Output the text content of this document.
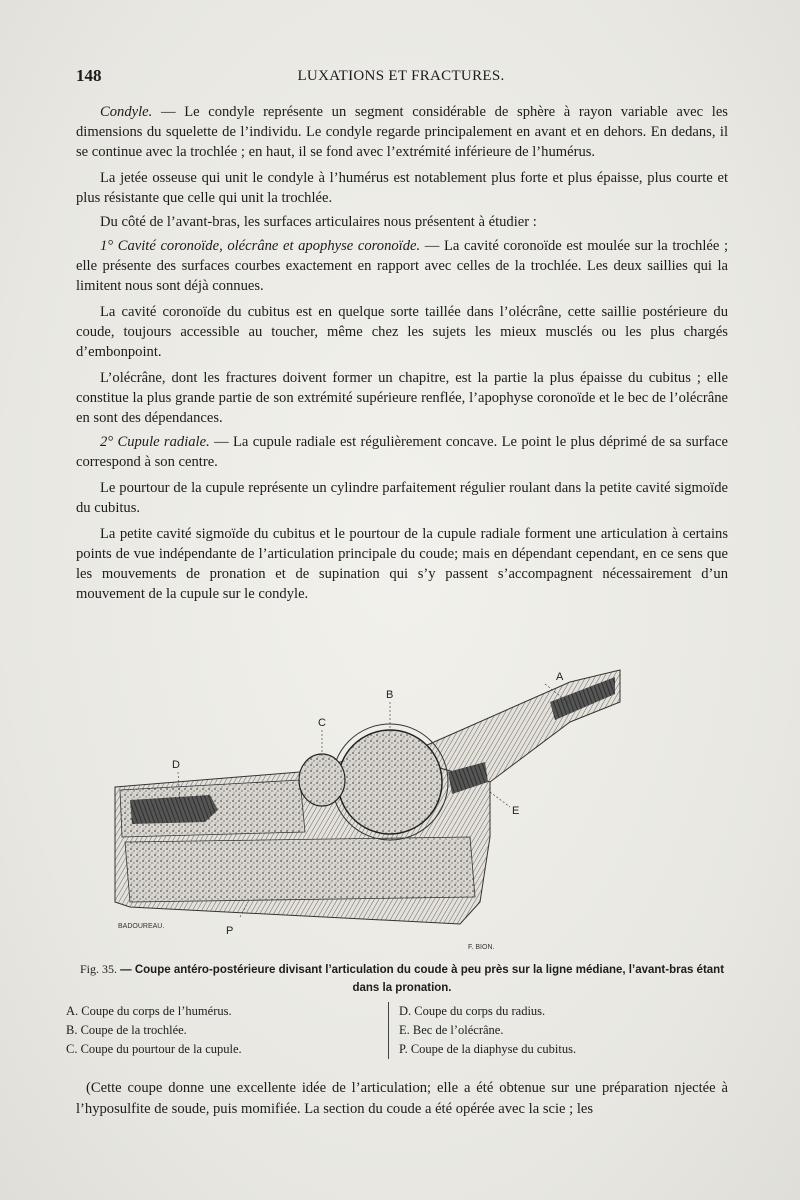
148	LUXATIONS ET FRACTURES.

Condyle. — Le condyle représente un segment considérable de sphère à rayon variable avec les dimensions du squelette de l’individu. Le condyle regarde principalement en avant et en dehors. En dedans, il se continue avec la trochlée ; en haut, il se fond avec l’extrémité inférieure de l’humérus.

La jetée osseuse qui unit le condyle à l’humérus est notablement plus forte et plus épaisse, plus courte et plus résistante que celle qui unit la trochlée.

Du côté de l’avant-bras, les surfaces articulaires nous présentent à étudier :

1° Cavité coronoïde, olécrâne et apophyse coronoïde. — La cavité coronoïde est moulée sur la trochlée ; elle présente des surfaces courbes exactement en rapport avec celles de la trochlée. Les deux saillies qui la limitent nous sont déjà connues.

La cavité coronoïde du cubitus est en quelque sorte taillée dans l’olécrâne, cette saillie postérieure du coude, toujours accessible au toucher, même chez les sujets les mieux musclés ou les plus chargés d’embonpoint.

L’olécrâne, dont les fractures doivent former un chapitre, est la partie la plus épaisse du cubitus ; elle constitue la plus grande partie de son extrémité supérieure renflée, l’apophyse coronoïde et le bec de l’olécrâne en sont des dépendances.

2° Cupule radiale. — La cupule radiale est régulièrement concave. Le point le plus déprimé de sa surface correspond à son centre.

Le pourtour de la cupule représente un cylindre parfaitement régulier roulant dans la petite cavité sigmoïde du cubitus.

La petite cavité sigmoïde du cubitus et le pourtour de la cupule radiale forment une articulation à certains points de vue indépendante de l’articulation principale du coude; mais en dépendant cependant, en ce sens que les mouvements de pronation et de supination qui s’y passent s’accompagnent nécessairement d’un mouvement de la cupule sur le condyle.

A
B
C
D
E
P
BADOUREAU.
F. BION.
Fig. 35. — Coupe antéro-postérieure divisant l’articulation du coude à peu près sur la ligne médiane, l’avant-bras étant dans la pronation.
A. Coupe du corps de l’humérus.
B. Coupe de la trochlée.
C. Coupe du pourtour de la cupule.
D. Coupe du corps du radius.
E. Bec de l’olécrâne.
P. Coupe de la diaphyse du cubitus.

(Cette coupe donne une excellente idée de l’articulation; elle a été obtenue sur une préparation njectée à l’hyposulfite de soude, puis momifiée. La section du coude a été opérée avec la scie ; les
